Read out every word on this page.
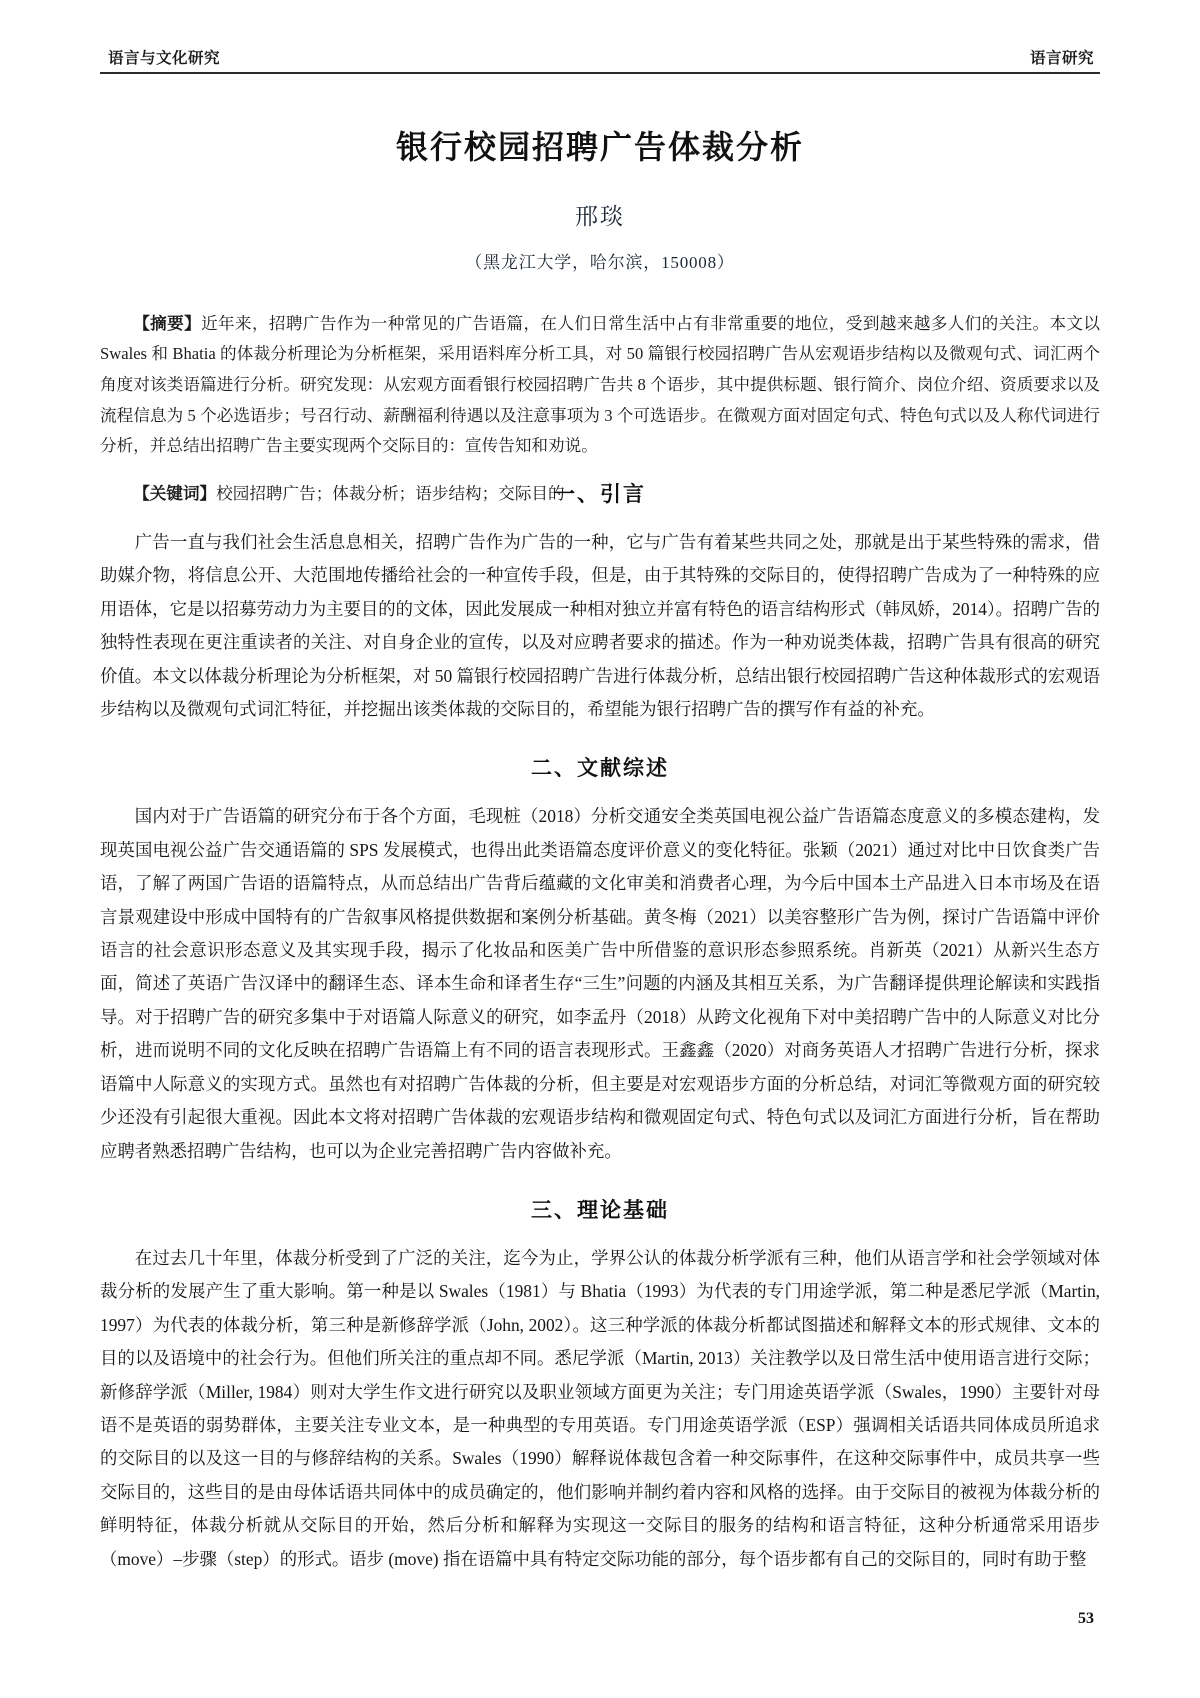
语言与文化研究	语言研究
银行校园招聘广告体裁分析
邢琰
（黑龙江大学，哈尔滨，150008）

【摘要】近年来，招聘广告作为一种常见的广告语篇，在人们日常生活中占有非常重要的地位，受到越来越多人们的关注。本文以 Swales 和 Bhatia 的体裁分析理论为分析框架，采用语料库分析工具，对 50 篇银行校园招聘广告从宏观语步结构以及微观句式、词汇两个角度对该类语篇进行分析。研究发现：从宏观方面看银行校园招聘广告共 8 个语步，其中提供标题、银行简介、岗位介绍、资质要求以及流程信息为 5 个必选语步；号召行动、薪酬福利待遇以及注意事项为 3 个可选语步。在微观方面对固定句式、特色句式以及人称代词进行分析，并总结出招聘广告主要实现两个交际目的：宣传告知和劝说。

【关键词】校园招聘广告；体裁分析；语步结构；交际目的

一、引言

广告一直与我们社会生活息息相关，招聘广告作为广告的一种，它与广告有着某些共同之处，那就是出于某些特殊的需求，借助媒介物，将信息公开、大范围地传播给社会的一种宣传手段，但是，由于其特殊的交际目的，使得招聘广告成为了一种特殊的应用语体，它是以招募劳动力为主要目的的文体，因此发展成一种相对独立并富有特色的语言结构形式（韩凤娇，2014）。招聘广告的独特性表现在更注重读者的关注、对自身企业的宣传，以及对应聘者要求的描述。作为一种劝说类体裁，招聘广告具有很高的研究价值。本文以体裁分析理论为分析框架，对 50 篇银行校园招聘广告进行体裁分析，总结出银行校园招聘广告这种体裁形式的宏观语步结构以及微观句式词汇特征，并挖掘出该类体裁的交际目的，希望能为银行招聘广告的撰写作有益的补充。

二、文献综述

国内对于广告语篇的研究分布于各个方面，毛现桩（2018）分析交通安全类英国电视公益广告语篇态度意义的多模态建构，发现英国电视公益广告交通语篇的 SPS 发展模式，也得出此类语篇态度评价意义的变化特征。张颖（2021）通过对比中日饮食类广告语，了解了两国广告语的语篇特点，从而总结出广告背后蕴藏的文化审美和消费者心理，为今后中国本土产品进入日本市场及在语言景观建设中形成中国特有的广告叙事风格提供数据和案例分析基础。黄冬梅（2021）以美容整形广告为例，探讨广告语篇中评价语言的社会意识形态意义及其实现手段，揭示了化妆品和医美广告中所借鉴的意识形态参照系统。肖新英（2021）从新兴生态方面，简述了英语广告汉译中的翻译生态、译本生命和译者生存“三生”问题的内涵及其相互关系，为广告翻译提供理论解读和实践指导。对于招聘广告的研究多集中于对语篇人际意义的研究，如李孟丹（2018）从跨文化视角下对中美招聘广告中的人际意义对比分析，进而说明不同的文化反映在招聘广告语篇上有不同的语言表现形式。王鑫鑫（2020）对商务英语人才招聘广告进行分析，探求语篇中人际意义的实现方式。虽然也有对招聘广告体裁的分析，但主要是对宏观语步方面的分析总结，对词汇等微观方面的研究较少还没有引起很大重视。因此本文将对招聘广告体裁的宏观语步结构和微观固定句式、特色句式以及词汇方面进行分析，旨在帮助应聘者熟悉招聘广告结构，也可以为企业完善招聘广告内容做补充。

三、理论基础

在过去几十年里，体裁分析受到了广泛的关注，迄今为止，学界公认的体裁分析学派有三种，他们从语言学和社会学领域对体裁分析的发展产生了重大影响。第一种是以 Swales（1981）与 Bhatia（1993）为代表的专门用途学派，第二种是悉尼学派（Martin, 1997）为代表的体裁分析，第三种是新修辞学派（John, 2002）。这三种学派的体裁分析都试图描述和解释文本的形式规律、文本的目的以及语境中的社会行为。但他们所关注的重点却不同。悉尼学派（Martin, 2013）关注教学以及日常生活中使用语言进行交际；新修辞学派（Miller, 1984）则对大学生作文进行研究以及职业领域方面更为关注；专门用途英语学派（Swales，1990）主要针对母语不是英语的弱势群体，主要关注专业文本，是一种典型的专用英语。专门用途英语学派（ESP）强调相关话语共同体成员所追求的交际目的以及这一目的与修辞结构的关系。Swales（1990）解释说体裁包含着一种交际事件，在这种交际事件中，成员共享一些交际目的，这些目的是由母体话语共同体中的成员确定的，他们影响并制约着内容和风格的选择。由于交际目的被视为体裁分析的鲜明特征，体裁分析就从交际目的开始，然后分析和解释为实现这一交际目的服务的结构和语言特征，这种分析通常采用语步（move）–步骤（step）的形式。语步 (move) 指在语篇中具有特定交际功能的部分，每个语步都有自己的交际目的，同时有助于整

53
